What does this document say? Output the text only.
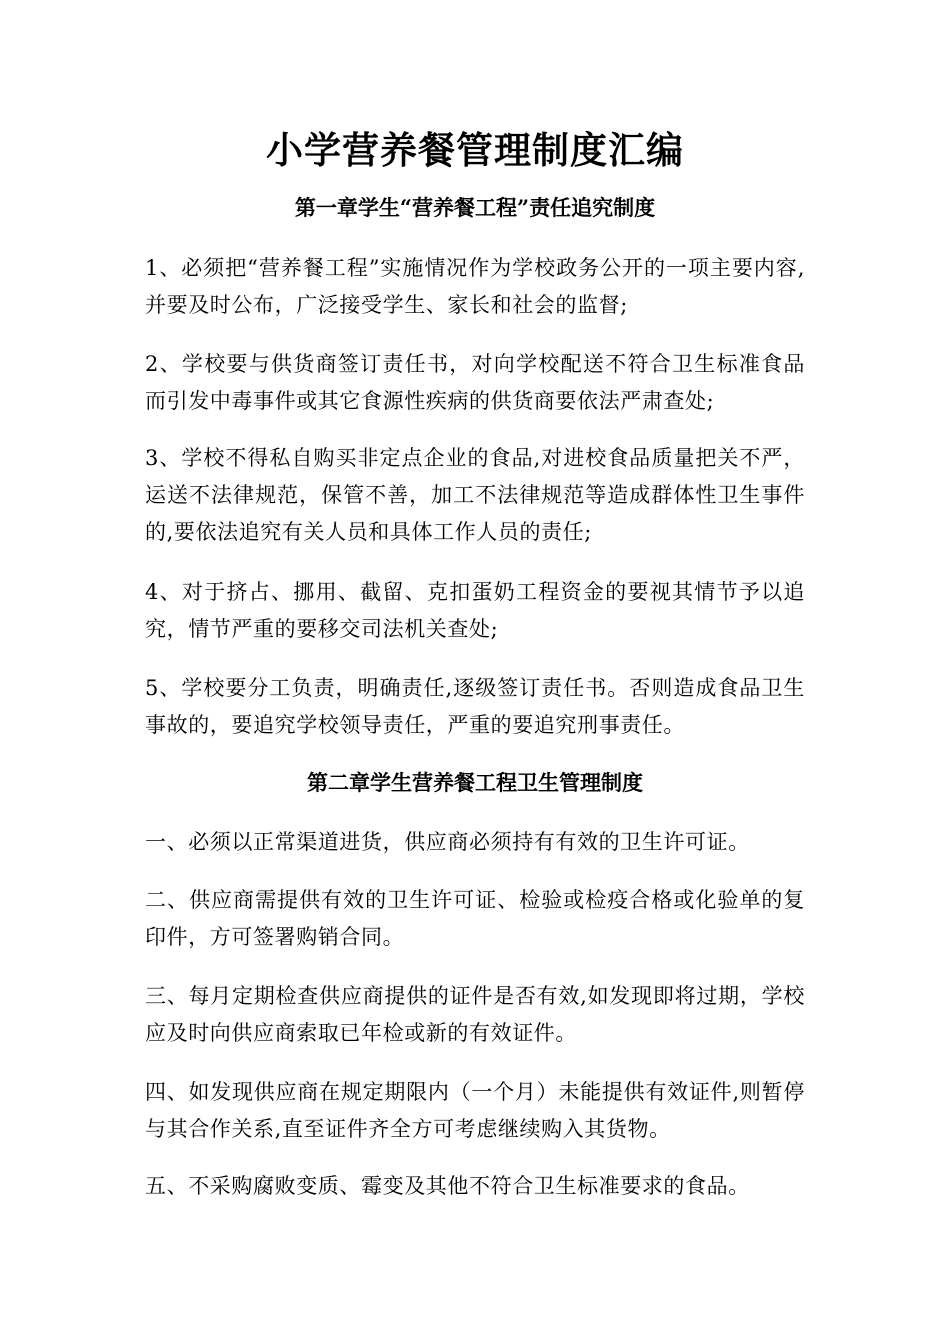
小学营养餐管理制度汇编
第一章学生“营养餐工程”责任追究制度

1、必须把“营养餐工程”实施情况作为学校政务公开的一项主要内容,并要及时公布，广泛接受学生、家长和社会的监督;

2、学校要与供货商签订责任书，对向学校配送不符合卫生标准食品而引发中毒事件或其它食源性疾病的供货商要依法严肃查处;

3、学校不得私自购买非定点企业的食品,对进校食品质量把关不严，运送不法律规范，保管不善，加工不法律规范等造成群体性卫生事件的,要依法追究有关人员和具体工作人员的责任;

4、对于挤占、挪用、截留、克扣蛋奶工程资金的要视其情节予以追究，情节严重的要移交司法机关查处;

5、学校要分工负责，明确责任,逐级签订责任书。否则造成食品卫生事故的，要追究学校领导责任，严重的要追究刑事责任。

第二章学生营养餐工程卫生管理制度

一、必须以正常渠道进货，供应商必须持有有效的卫生许可证。

二、供应商需提供有效的卫生许可证、检验或检疫合格或化验单的复印件，方可签署购销合同。

三、每月定期检查供应商提供的证件是否有效,如发现即将过期，学校应及时向供应商索取已年检或新的有效证件。

四、如发现供应商在规定期限内（一个月）未能提供有效证件,则暂停与其合作关系,直至证件齐全方可考虑继续购入其货物。

五、不采购腐败变质、霉变及其他不符合卫生标准要求的食品。
